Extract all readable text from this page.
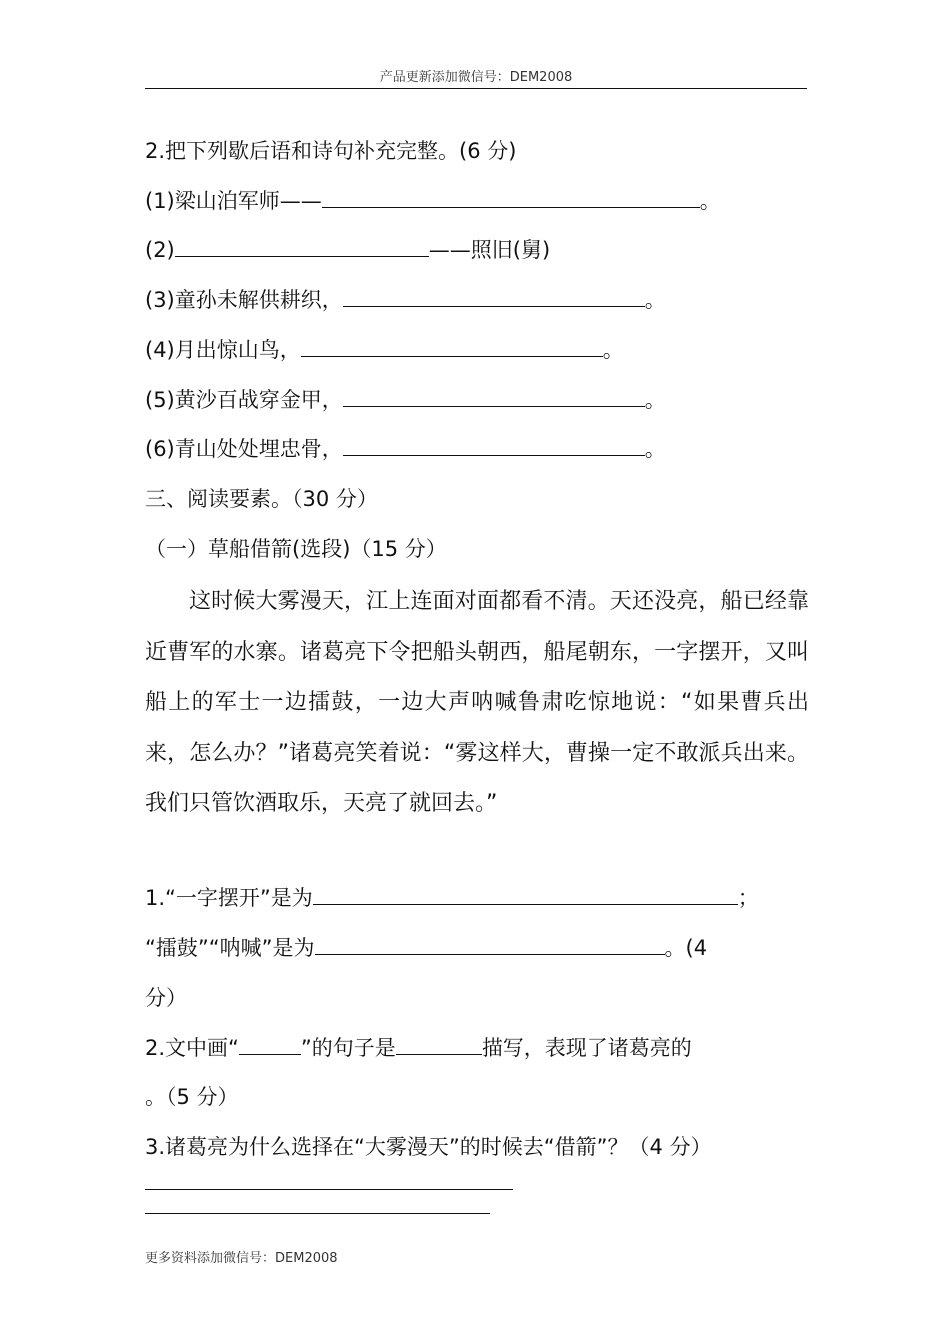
产品更新添加微信号：DEM2008
2.把下列歇后语和诗句补充完整。(6 分)
(1)梁山泊军师——	。
(2)	——照旧(舅)
(3)童孙未解供耕织，	。
(4)月出惊山鸟，	。
(5)黄沙百战穿金甲，	。
(6)青山处处埋忠骨，	。
三、阅读要素。（30 分）
（一）草船借箭(选段)（15 分）
这时候大雾漫天，江上连面对面都看不清。天还没亮，船已经靠近曹军的水寨。诸葛亮下令把船头朝西，船尾朝东，一字摆开，又叫船上的军士一边擂鼓，一边大声呐喊鲁肃吃惊地说：“如果曹兵出来，怎么办？”诸葛亮笑着说：“雾这样大，曹操一定不敢派兵出来。我们只管饮酒取乐，天亮了就回去。”
1.“一字摆开”是为	；
“擂鼓”“呐喊”是为	。(4
分）
2.文中画“	”的句子是	描写，表现了诸葛亮的
。（5 分）
3.诸葛亮为什么选择在“大雾漫天”的时候去“借箭”？（4 分）
更多资料添加微信号：DEM2008
